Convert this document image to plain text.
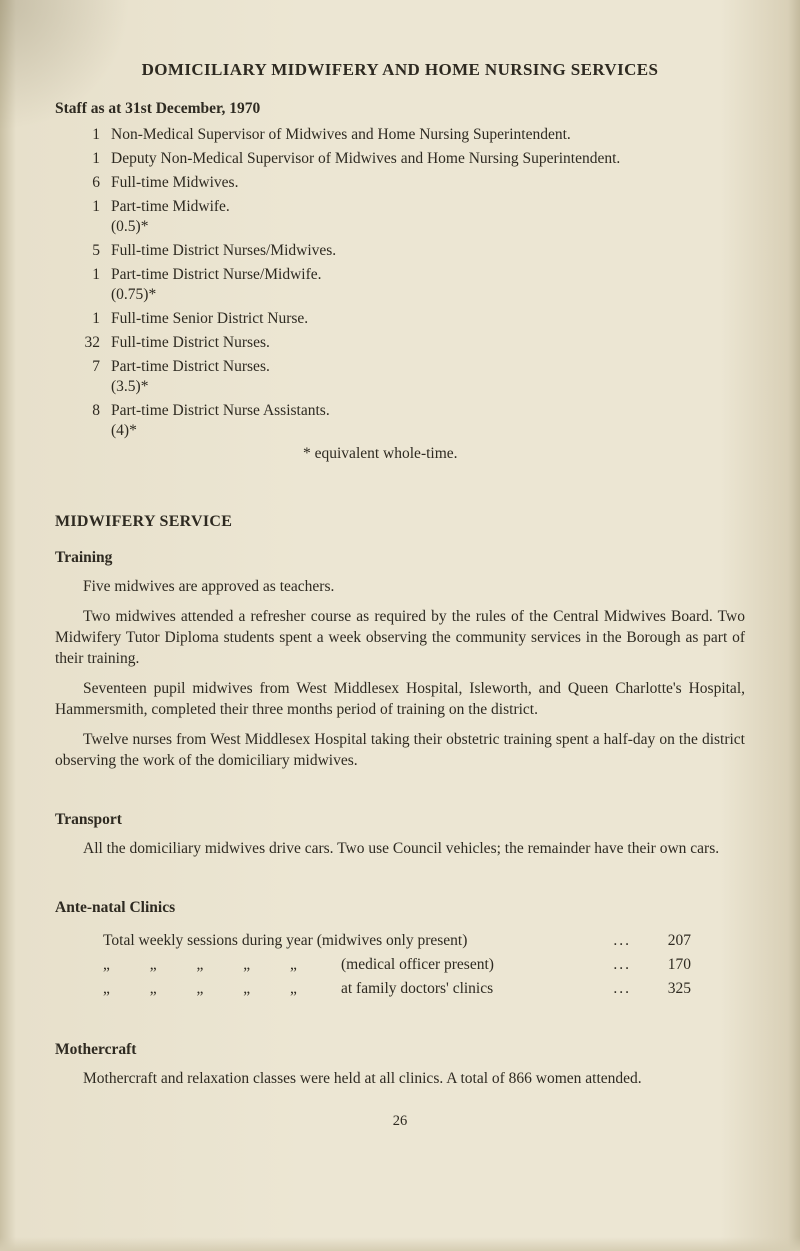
DOMICILIARY MIDWIFERY AND HOME NURSING SERVICES
Staff as at 31st December, 1970
1 Non-Medical Supervisor of Midwives and Home Nursing Superintendent.
1 Deputy Non-Medical Supervisor of Midwives and Home Nursing Superintendent.
6 Full-time Midwives.
1 Part-time Midwife.
(0.5)*
5 Full-time District Nurses/Midwives.
1 Part-time District Nurse/Midwife.
(0.75)*
1 Full-time Senior District Nurse.
32 Full-time District Nurses.
7 Part-time District Nurses.
(3.5)*
8 Part-time District Nurse Assistants.
(4)*
* equivalent whole-time.
MIDWIFERY SERVICE
Training
Five midwives are approved as teachers.
Two midwives attended a refresher course as required by the rules of the Central Midwives Board. Two Midwifery Tutor Diploma students spent a week observing the community services in the Borough as part of their training.
Seventeen pupil midwives from West Middlesex Hospital, Isleworth, and Queen Charlotte's Hospital, Hammersmith, completed their three months period of training on the district.
Twelve nurses from West Middlesex Hospital taking their obstetric training spent a half-day on the district observing the work of the domiciliary midwives.
Transport
All the domiciliary midwives drive cars. Two use Council vehicles; the remainder have their own cars.
Ante-natal Clinics
Total weekly sessions during year (midwives only present)	...	207
„ „ „ „ „	(medical officer present)	...	170
„ „ „ „ „	at family doctors' clinics	...	325
Mothercraft
Mothercraft and relaxation classes were held at all clinics. A total of 866 women attended.
26
